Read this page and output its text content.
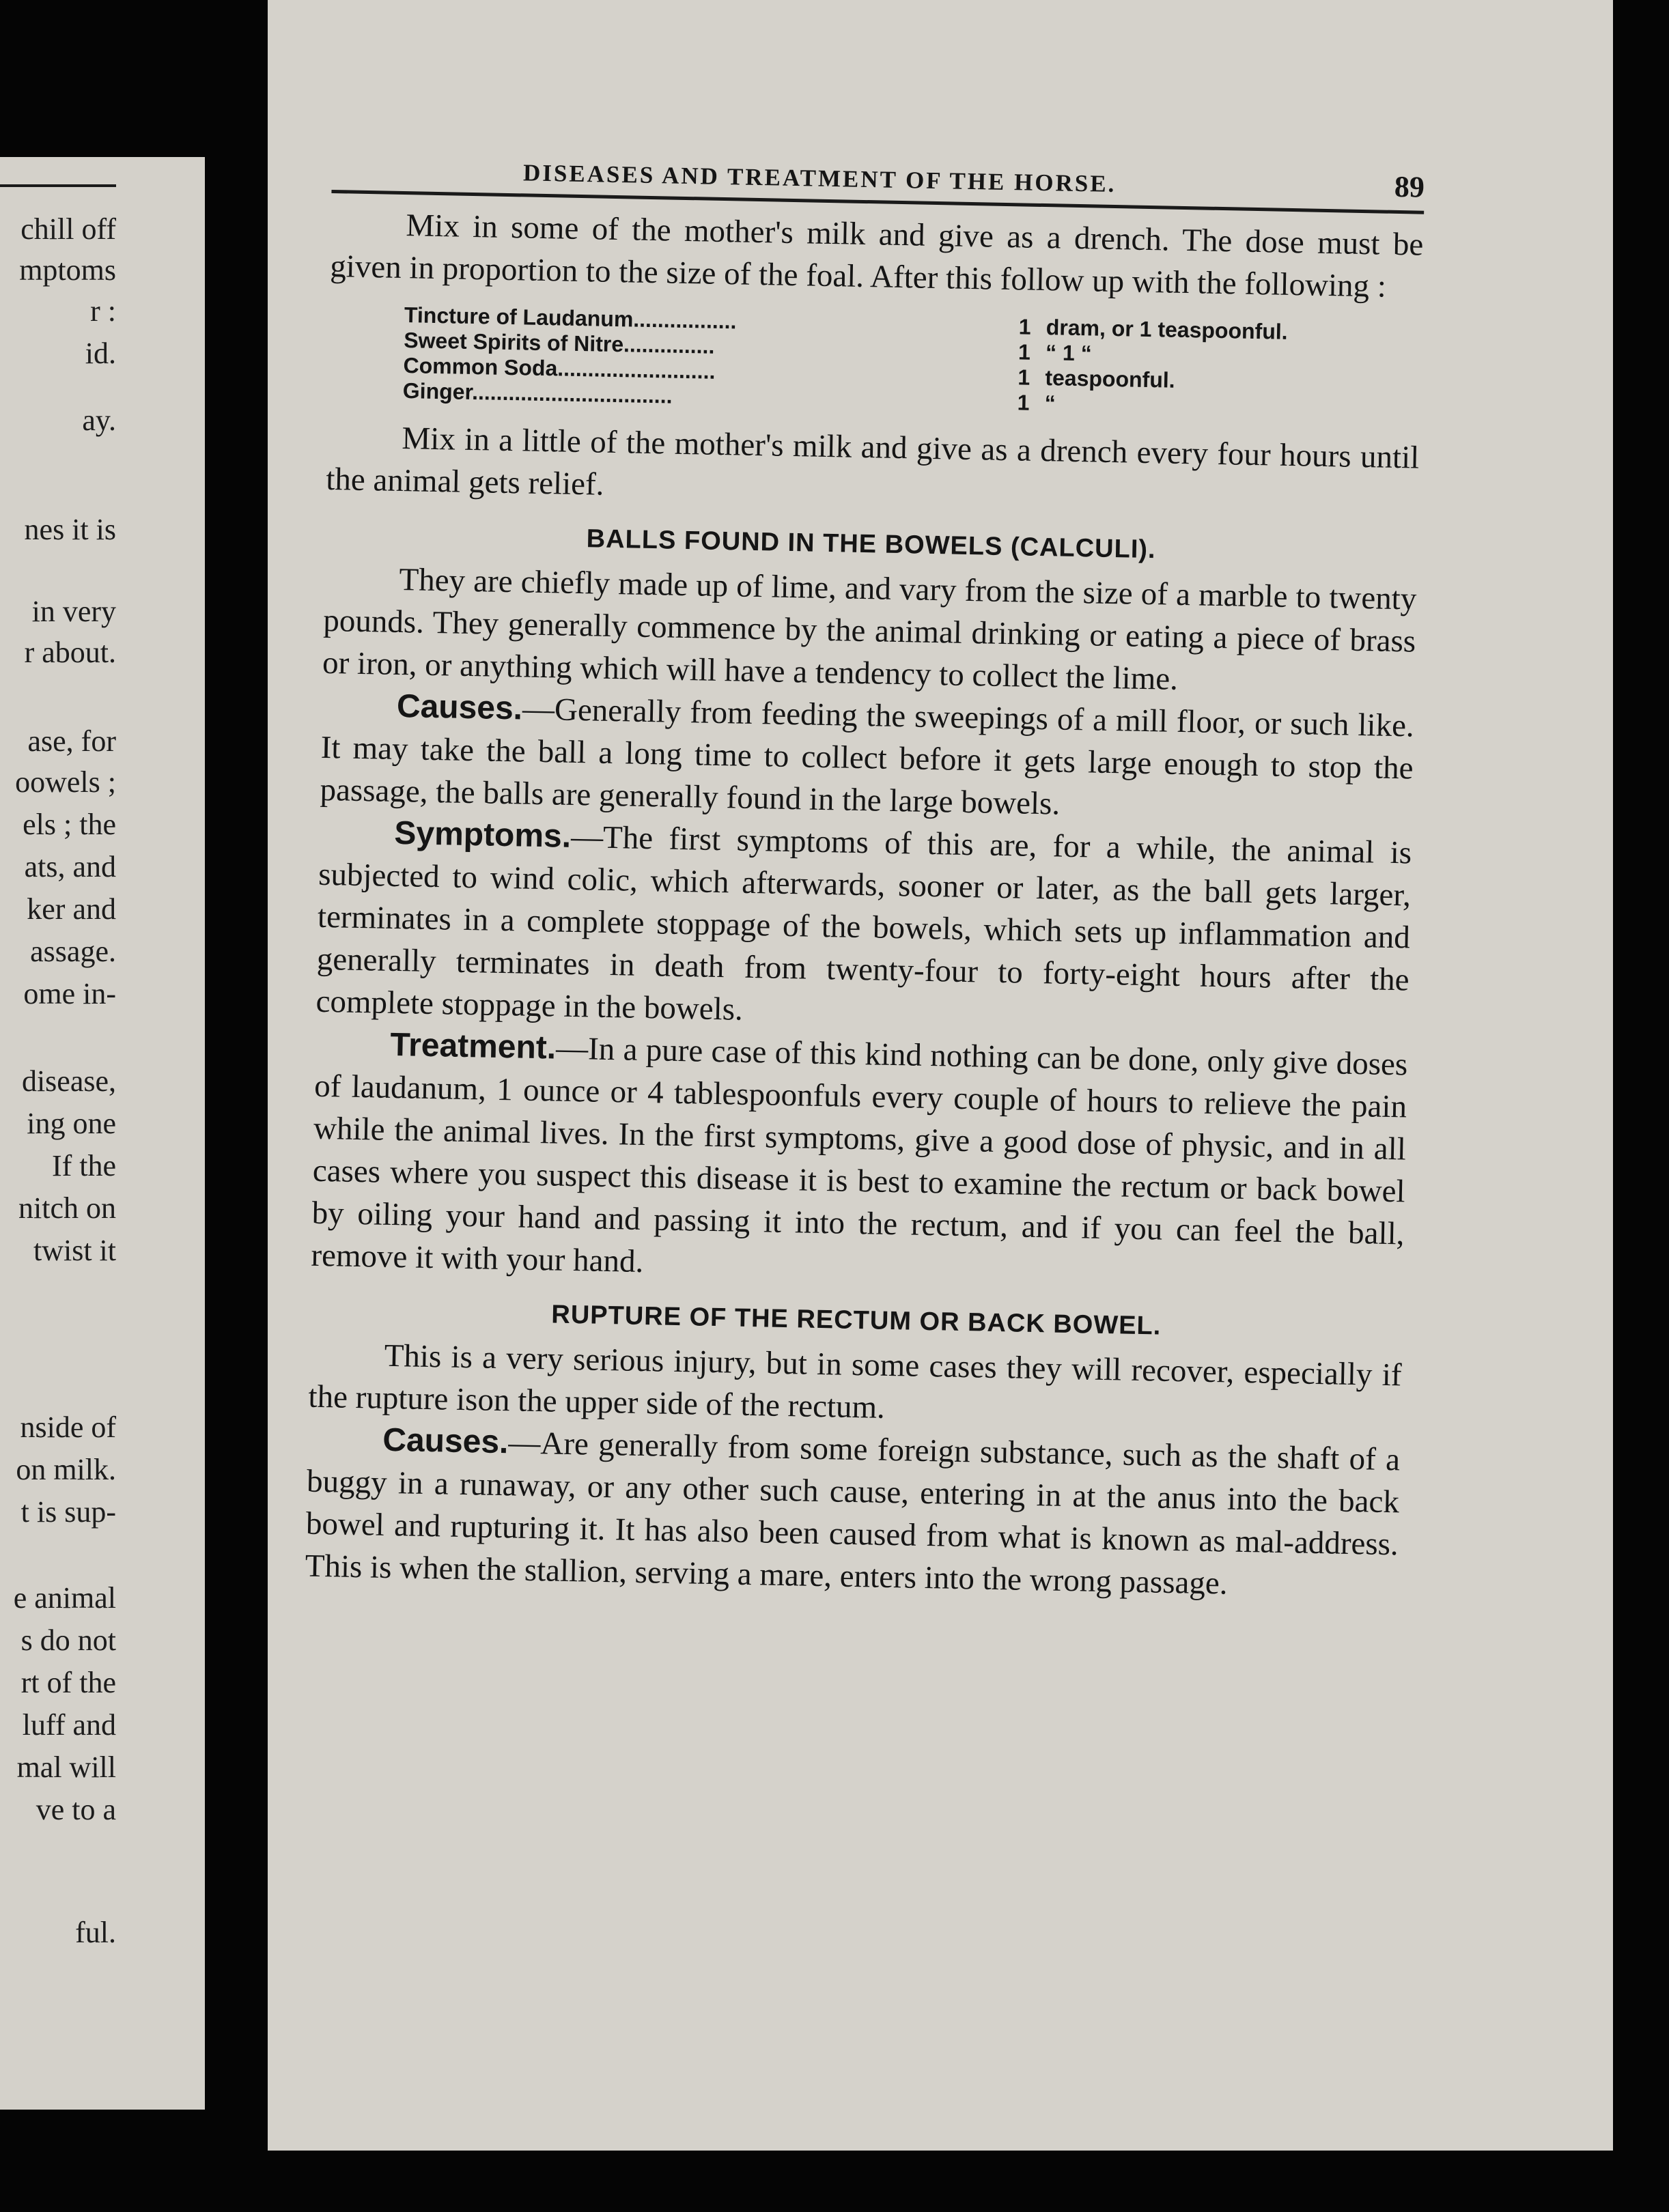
chill off
mptoms
r :
id.
ay.
nes it is
in very
r about.
ase, for
oowels ;
els ; the
ats, and
ker and
assage.
ome in-
disease,
ing one
If the
nitch on
twist it
nside of
on milk.
t is sup-
e animal
s do not
rt of the
luff and
mal will
ve to a
ful.
DISEASES AND TREATMENT OF THE HORSE.	89

Mix in some of the mother's milk and give as a drench. The dose must be given in proportion to the size of the foal. After this follow up with the following :

Tincture of Laudanum.................	1 dram, or 1 teaspoonful.
Sweet Spirits of Nitre...............	1 “ 1 “
Common Soda..........................	1 teaspoonful.
Ginger.................................	1 “

Mix in a little of the mother's milk and give as a drench every four hours until the animal gets relief.

BALLS FOUND IN THE BOWELS (CALCULI).

They are chiefly made up of lime, and vary from the size of a marble to twenty pounds. They generally commence by the animal drinking or eating a piece of brass or iron, or anything which will have a tendency to collect the lime.

Causes.—Generally from feeding the sweepings of a mill floor, or such like. It may take the ball a long time to collect before it gets large enough to stop the passage, the balls are generally found in the large bowels.

Symptoms.—The first symptoms of this are, for a while, the animal is subjected to wind colic, which afterwards, sooner or later, as the ball gets larger, terminates in a complete stoppage of the bowels, which sets up inflammation and generally terminates in death from twenty-four to forty-eight hours after the complete stoppage in the bowels.

Treatment.—In a pure case of this kind nothing can be done, only give doses of laudanum, 1 ounce or 4 tablespoonfuls every couple of hours to relieve the pain while the animal lives. In the first symptoms, give a good dose of physic, and in all cases where you suspect this disease it is best to examine the rectum or back bowel by oiling your hand and passing it into the rectum, and if you can feel the ball, remove it with your hand.

RUPTURE OF THE RECTUM OR BACK BOWEL.

This is a very serious injury, but in some cases they will recover, especially if the rupture ison the upper side of the rectum.

Causes.—Are generally from some foreign substance, such as the shaft of a buggy in a runaway, or any other such cause, entering in at the anus into the back bowel and rupturing it. It has also been caused from what is known as mal-address. This is when the stallion, serving a mare, enters into the wrong passage.
